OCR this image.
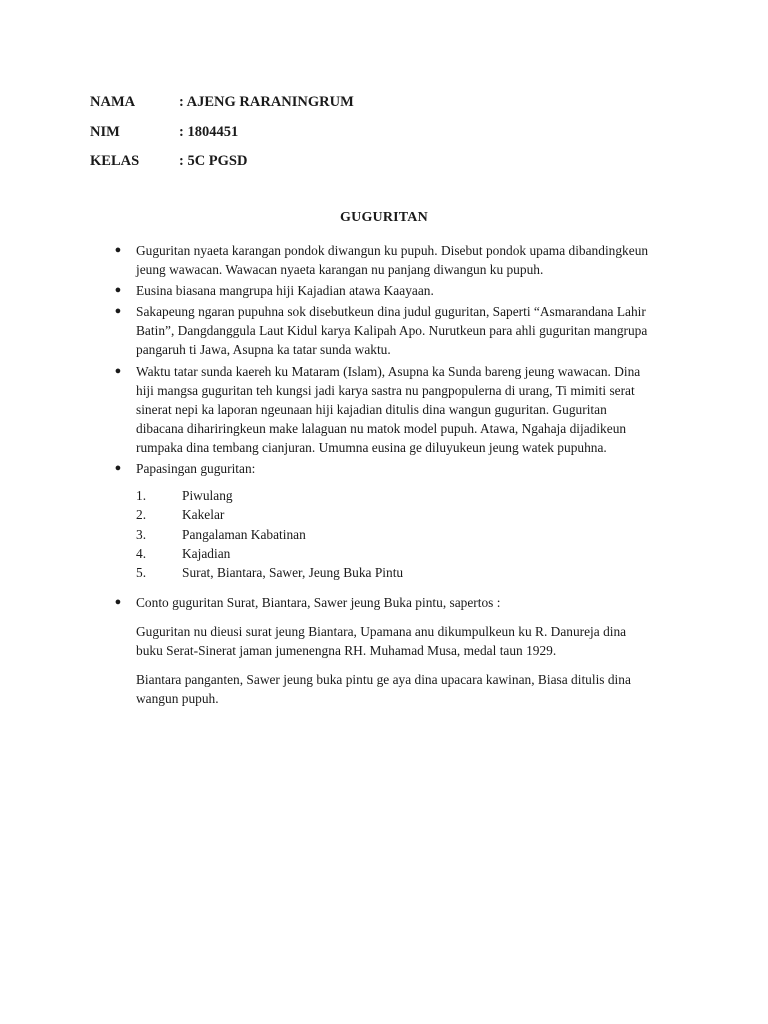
NAMA	: AJENG RARANINGRUM
NIM	: 1804451
KELAS	: 5C PGSD
GUGURITAN
● Guguritan nyaeta karangan pondok diwangun ku pupuh. Disebut pondok upama dibandingkeun jeung wawacan. Wawacan nyaeta karangan nu panjang diwangun ku pupuh.
● Eusina biasana mangrupa hiji Kajadian atawa Kaayaan.
● Sakapeung ngaran pupuhna sok disebutkeun dina judul guguritan, Saperti “Asmarandana Lahir Batin”, Dangdanggula Laut Kidul karya Kalipah Apo. Nurutkeun para ahli guguritan mangrupa pangaruh ti Jawa, Asupna ka tatar sunda waktu.
● Waktu tatar sunda kaereh ku Mataram (Islam), Asupna ka Sunda bareng jeung wawacan. Dina hiji mangsa guguritan teh kungsi jadi karya sastra nu pangpopulerna di urang, Ti mimiti serat sinerat nepi ka laporan ngeunaan hiji kajadian ditulis dina wangun guguritan. Guguritan dibacana dihariringkeun make lalaguan nu matok model pupuh. Atawa, Ngahaja dijadikeun rumpaka dina tembang cianjuran. Umumna eusina ge diluyukeun jeung watek pupuhna.
● Papasingan guguritan:
1.	Piwulang
2.	Kakelar
3.	Pangalaman Kabatinan
4.	Kajadian
5.	Surat, Biantara, Sawer, Jeung Buka Pintu
● Conto guguritan Surat, Biantara, Sawer jeung Buka pintu, sapertos :

Guguritan nu dieusi surat jeung Biantara, Upamana anu dikumpulkeun ku R. Danureja dina buku Serat-Sinerat jaman jumenengna RH. Muhamad Musa, medal taun 1929.

Biantara panganten, Sawer jeung buka pintu ge aya dina upacara kawinan, Biasa ditulis dina wangun pupuh.
